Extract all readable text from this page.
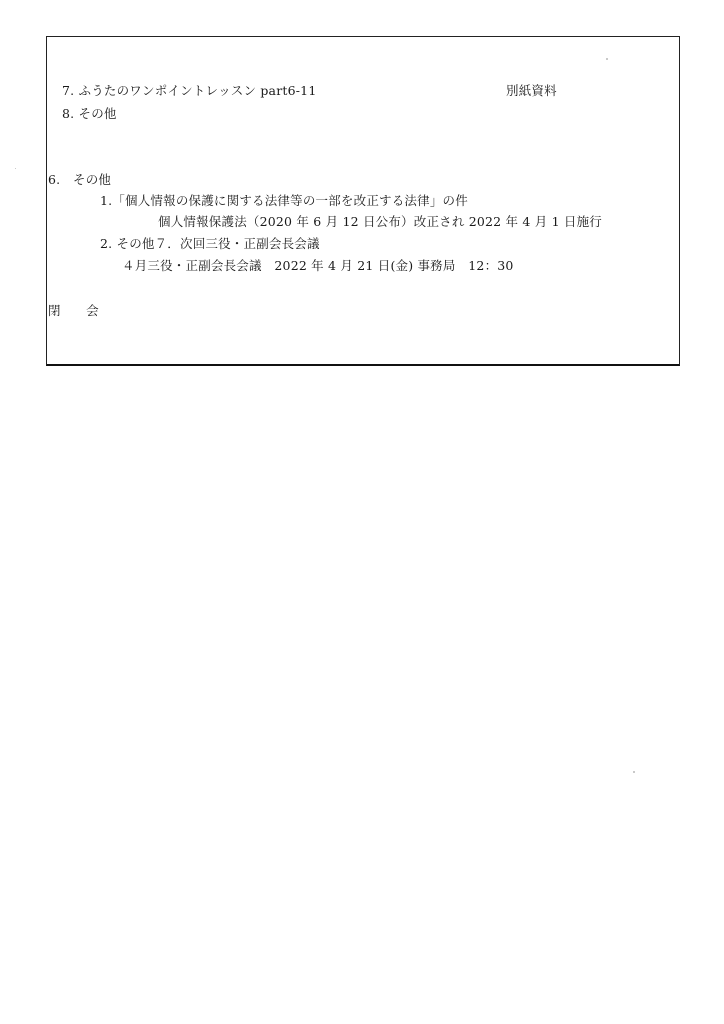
7. ふうたのワンポイントレッスン part6-11	別紙資料
8. その他
6.　その他
1.「個人情報の保護に関する法律等の一部を改正する法律」の件
個人情報保護法（2020 年 6 月 12 日公布）改正され 2022 年 4 月 1 日施行
2. その他７．次回三役・正副会長会議
４月三役・正副会長会議　2022 年 4 月 21 日(金) 事務局　12：30
閉　　会
